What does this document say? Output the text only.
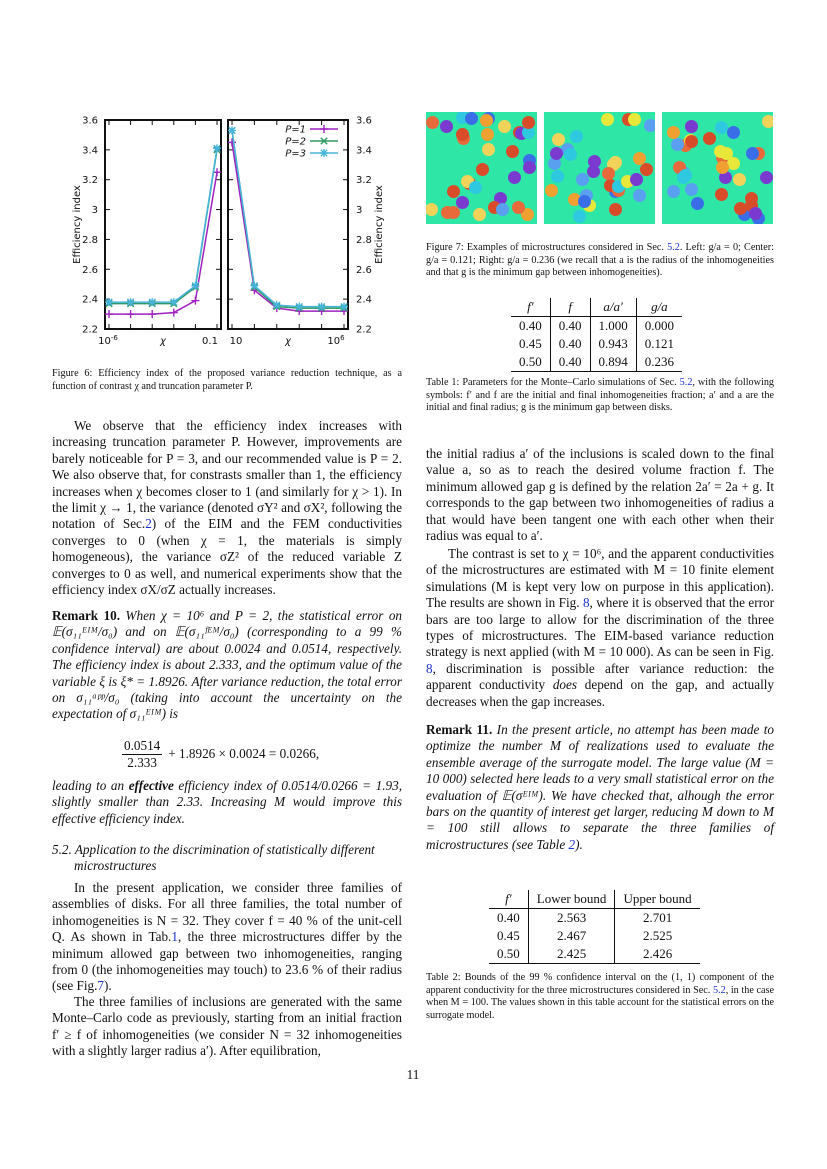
2.2	2.2
2.4	2.4
2.6	2.6
2.8	2.8
3	3
3.2	3.2
3.4	3.4
3.6	3.6
Efficiency index	Efficiency index
$10^{-6}$	0.1 10	$10^6$
χ	χ
P=1
P=2
P=3
Figure 6: Efficiency index of the proposed variance reduction technique, as a function of contrast χ and truncation parameter P.
We observe that the efficiency index increases with increasing truncation parameter P. However, improvements are barely noticeable for P = 3, and our recommended value is P = 2. We also observe that, for constrasts smaller than 1, the efficiency increases when χ becomes closer to 1 (and similarly for χ > 1). In the limit χ → 1, the variance (denoted σY² and σX², following the notation of Sec.2) of the EIM and the FEM conductivities converges to 0 (when χ = 1, the materials is simply homogeneous), the variance σZ² of the reduced variable Z converges to 0 as well, and numerical experiments show that the efficiency index σX/σZ actually increases.
Remark 10. When χ = 10⁶ and P = 2, the statistical error on 𝔼(σ₁₁ᴱᴵᴹ/σ₀) and on 𝔼(σ₁₁ᶠᴱᴹ/σ₀) (corresponding to a 99 % confidence interval) are about 0.0024 and 0.0514, respectively. The efficiency index is about 2.333, and the optimum value of the variable ξ is ξ* = 1.8926. After variance reduction, the total error on σ₁₁ᵃᵖᵖ/σ₀ (taking into account the uncertainty on the expectation of σ₁₁ᴱᴵᴹ) is
$\frac{0.0514}{2.333} + 1.8926 \times 0.0024 = 0.0266$,
leading to an effective efficiency index of 0.0514/0.0266 = 1.93, slightly smaller than 2.33. Increasing M would improve this effective efficiency index.
5.2. Application to the discrimination of statistically different microstructures
In the present application, we consider three families of assemblies of disks. For all three families, the total number of inhomogeneities is N = 32. They cover f = 40 % of the unit-cell Q. As shown in Tab.1, the three microstructures differ by the minimum allowed gap between two inhomogeneities, ranging from 0 (the inhomogeneities may touch) to 23.6 % of their radius (see Fig.7).
The three families of inclusions are generated with the same Monte–Carlo code as previously, starting from an initial fraction f′ ≥ f of inhomogeneities (we consider N = 32 inhomogeneities with a slightly larger radius a′). After equilibration,
Figure 7: Examples of microstructures considered in Sec. 5.2. Left: g/a = 0; Center: g/a = 0.121; Right: g/a = 0.236 (we recall that a is the radius of the inhomogeneities and that g is the minimum gap between inhomogeneities).
f′	f	a/a′	g/a
0.40	0.40	1.000	0.000
0.45	0.40	0.943	0.121
0.50	0.40	0.894	0.236
Table 1: Parameters for the Monte–Carlo simulations of Sec. 5.2, with the following symbols: f′ and f are the initial and final inhomogeneities fraction; a′ and a are the initial and final radius; g is the minimum gap between disks.
the initial radius a′ of the inclusions is scaled down to the final value a, so as to reach the desired volume fraction f. The minimum allowed gap g is defined by the relation 2a′ = 2a + g. It corresponds to the gap between two inhomogeneities of radius a that would have been tangent one with each other when their radius was equal to a′.
The contrast is set to χ = 10⁶, and the apparent conductivities of the microstructures are estimated with M = 10 finite element simulations (M is kept very low on purpose in this application). The results are shown in Fig. 8, where it is observed that the error bars are too large to allow for the discrimination of the three types of microstructures. The EIM-based variance reduction strategy is next applied (with M = 10 000). As can be seen in Fig. 8, discrimination is possible after variance reduction: the apparent conductivity does depend on the gap, and actually decreases when the gap increases.
Remark 11. In the present article, no attempt has been made to optimize the number M of realizations used to evaluate the ensemble average of the surrogate model. The large value (M = 10 000) selected here leads to a very small statistical error on the evaluation of 𝔼(σᴱᴵᴹ). We have checked that, alhough the error bars on the quantity of interest get larger, reducing M down to M = 100 still allows to separate the three families of microstructures (see Table 2).
f′	Lower bound	Upper bound
0.40	2.563	2.701
0.45	2.467	2.525
0.50	2.425	2.426
Table 2: Bounds of the 99 % confidence interval on the (1, 1) component of the apparent conductivity for the three microstructures considered in Sec. 5.2, in the case when M = 100. The values shown in this table account for the statistical errors on the surrogate model.
11
